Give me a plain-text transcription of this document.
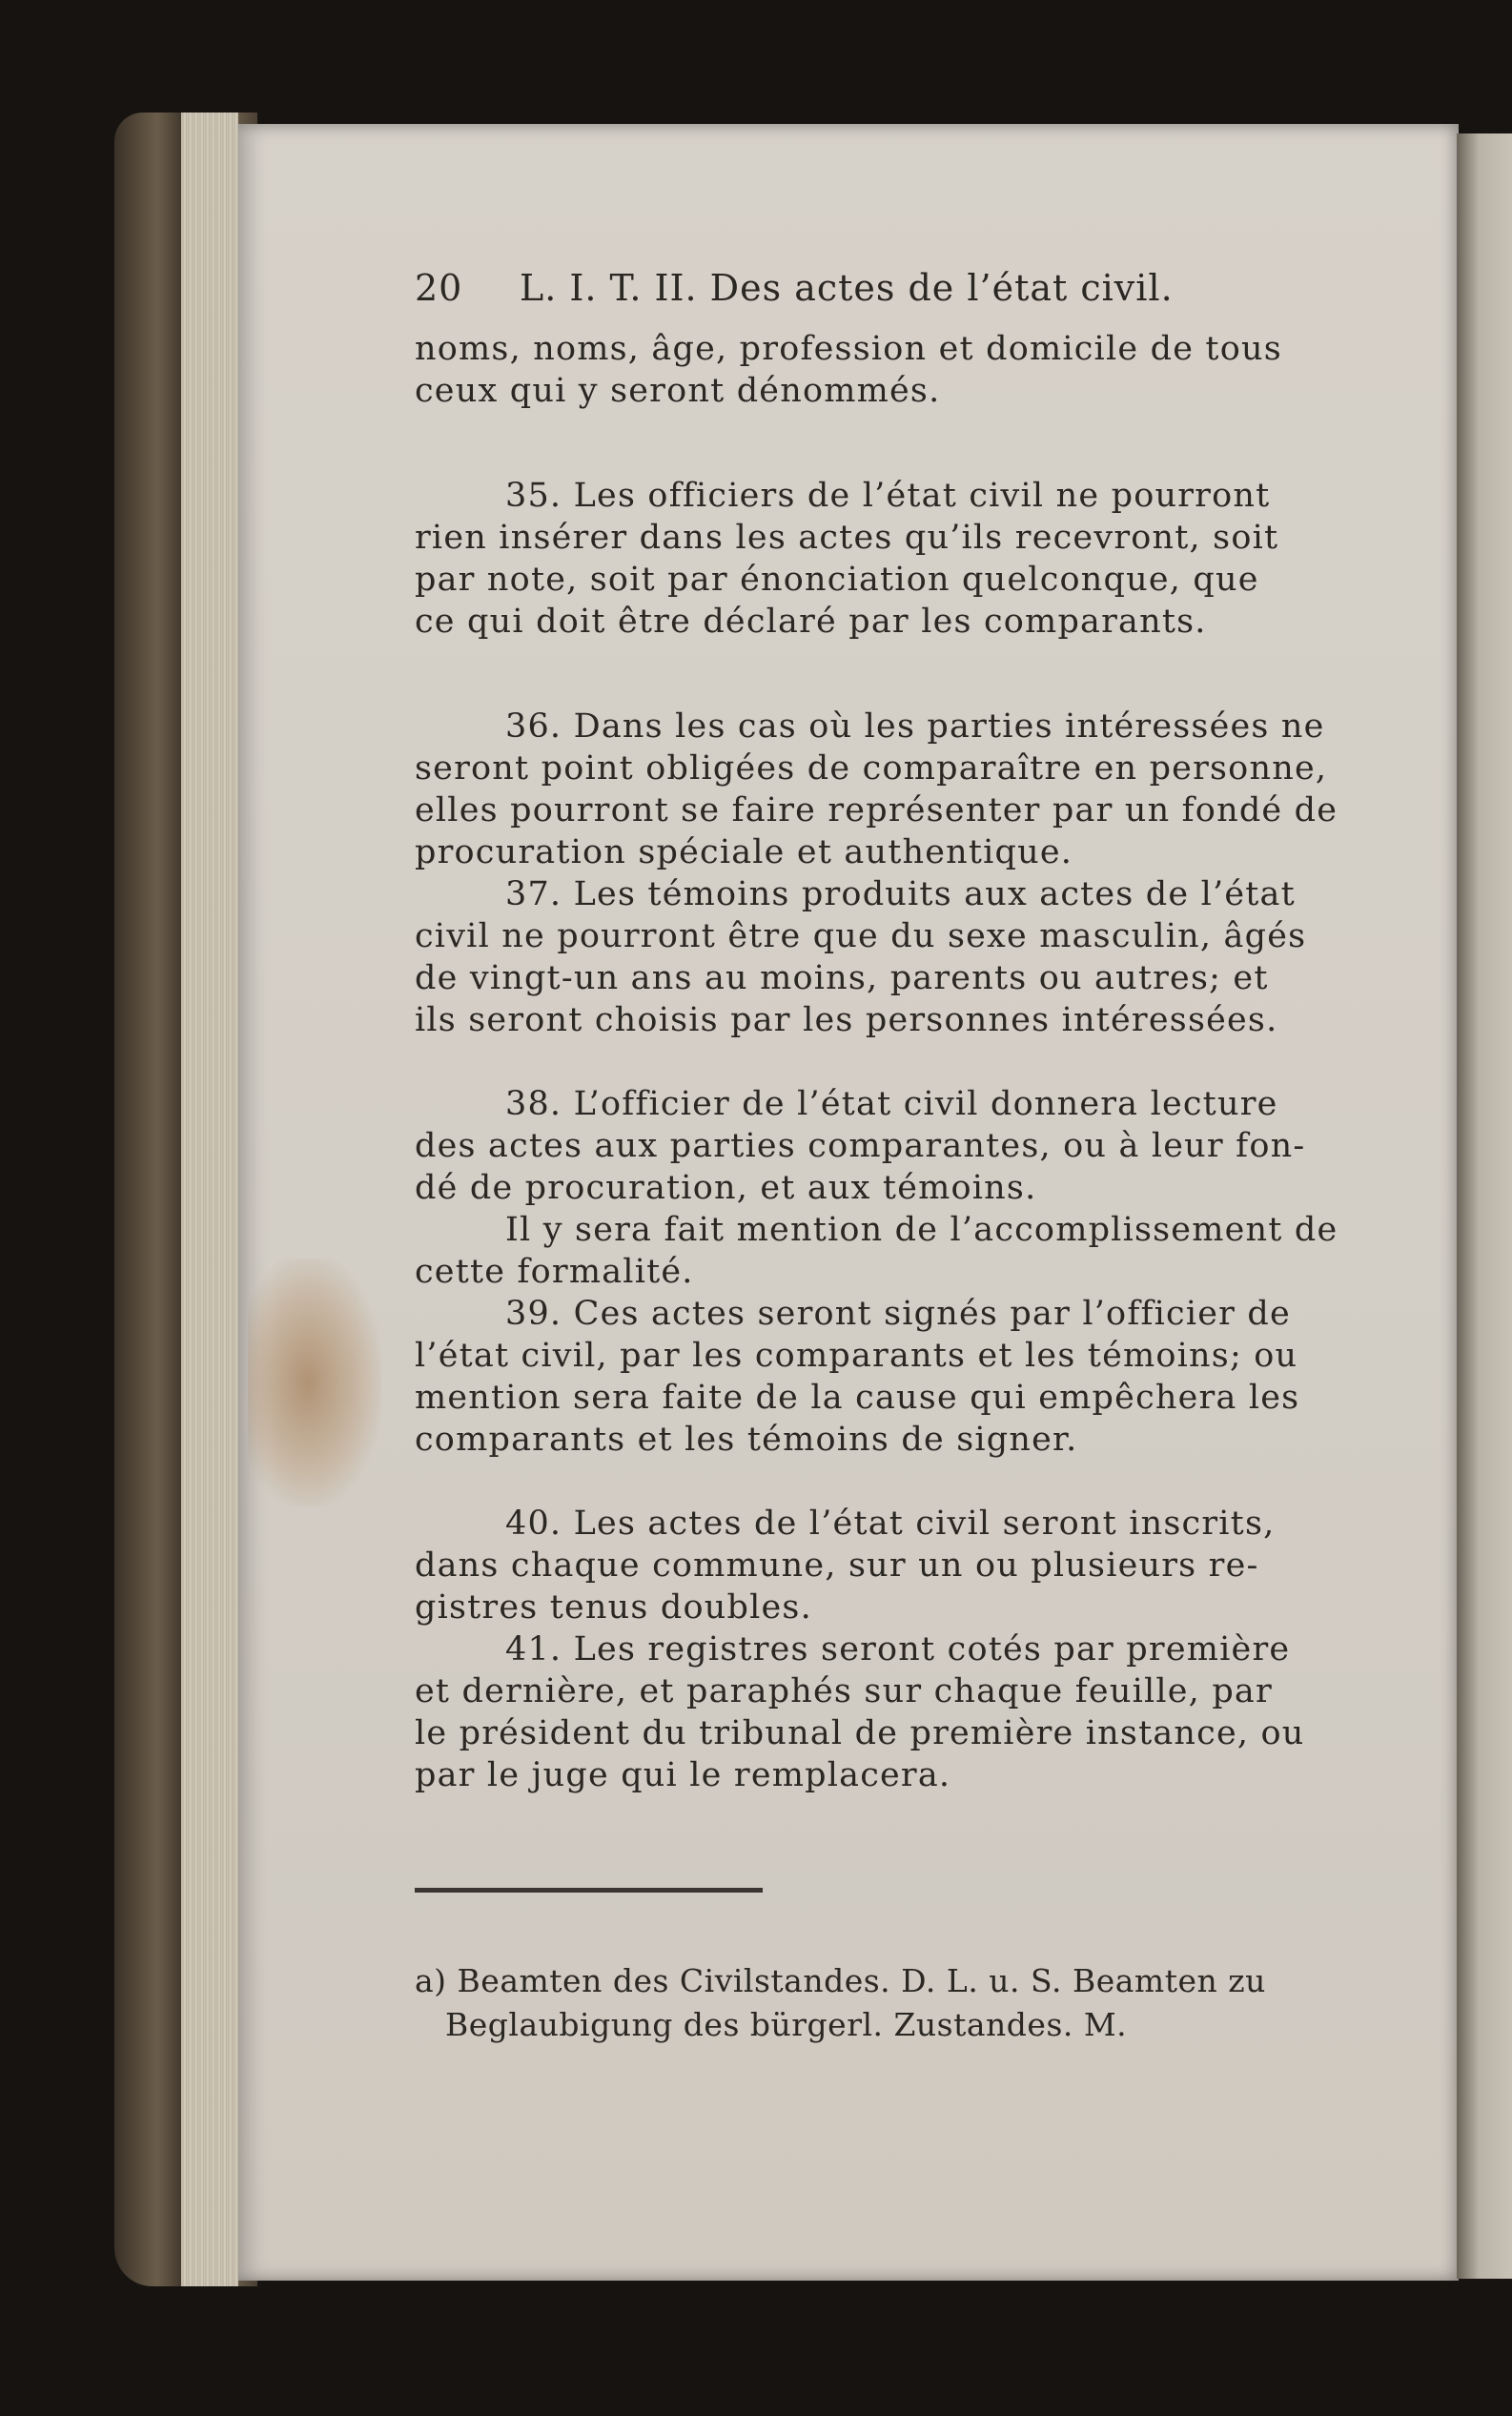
20	L. I. T. II. Des actes de l’état civil.
noms, noms, âge, profession et domicile de tous
ceux qui y seront dénommés.
35. Les officiers de l’état civil ne pourront
rien insérer dans les actes qu’ils recevront, soit
par note, soit par énonciation quelconque, que
ce qui doit être déclaré par les comparants.
36. Dans les cas où les parties intéressées ne
seront point obligées de comparaître en personne,
elles pourront se faire représenter par un fondé de
procuration spéciale et authentique.
37. Les témoins produits aux actes de l’état
civil ne pourront être que du sexe masculin, âgés
de vingt-un ans au moins, parents ou autres; et
ils seront choisis par les personnes intéressées.
38. L’officier de l’état civil donnera lecture
des actes aux parties comparantes, ou à leur fon-
dé de procuration, et aux témoins.
Il y sera fait mention de l’accomplissement de
cette formalité.
39. Ces actes seront signés par l’officier de
l’état civil, par les comparants et les témoins; ou
mention sera faite de la cause qui empêchera les
comparants et les témoins de signer.
40. Les actes de l’état civil seront inscrits,
dans chaque commune, sur un ou plusieurs re-
gistres tenus doubles.
41. Les registres seront cotés par première
et dernière, et paraphés sur chaque feuille, par
le président du tribunal de première instance, ou
par le juge qui le remplacera.
a) Beamten des Civilstandes. D. L. u. S. Beamten zu
Beglaubigung des bürgerl. Zustandes. M.
